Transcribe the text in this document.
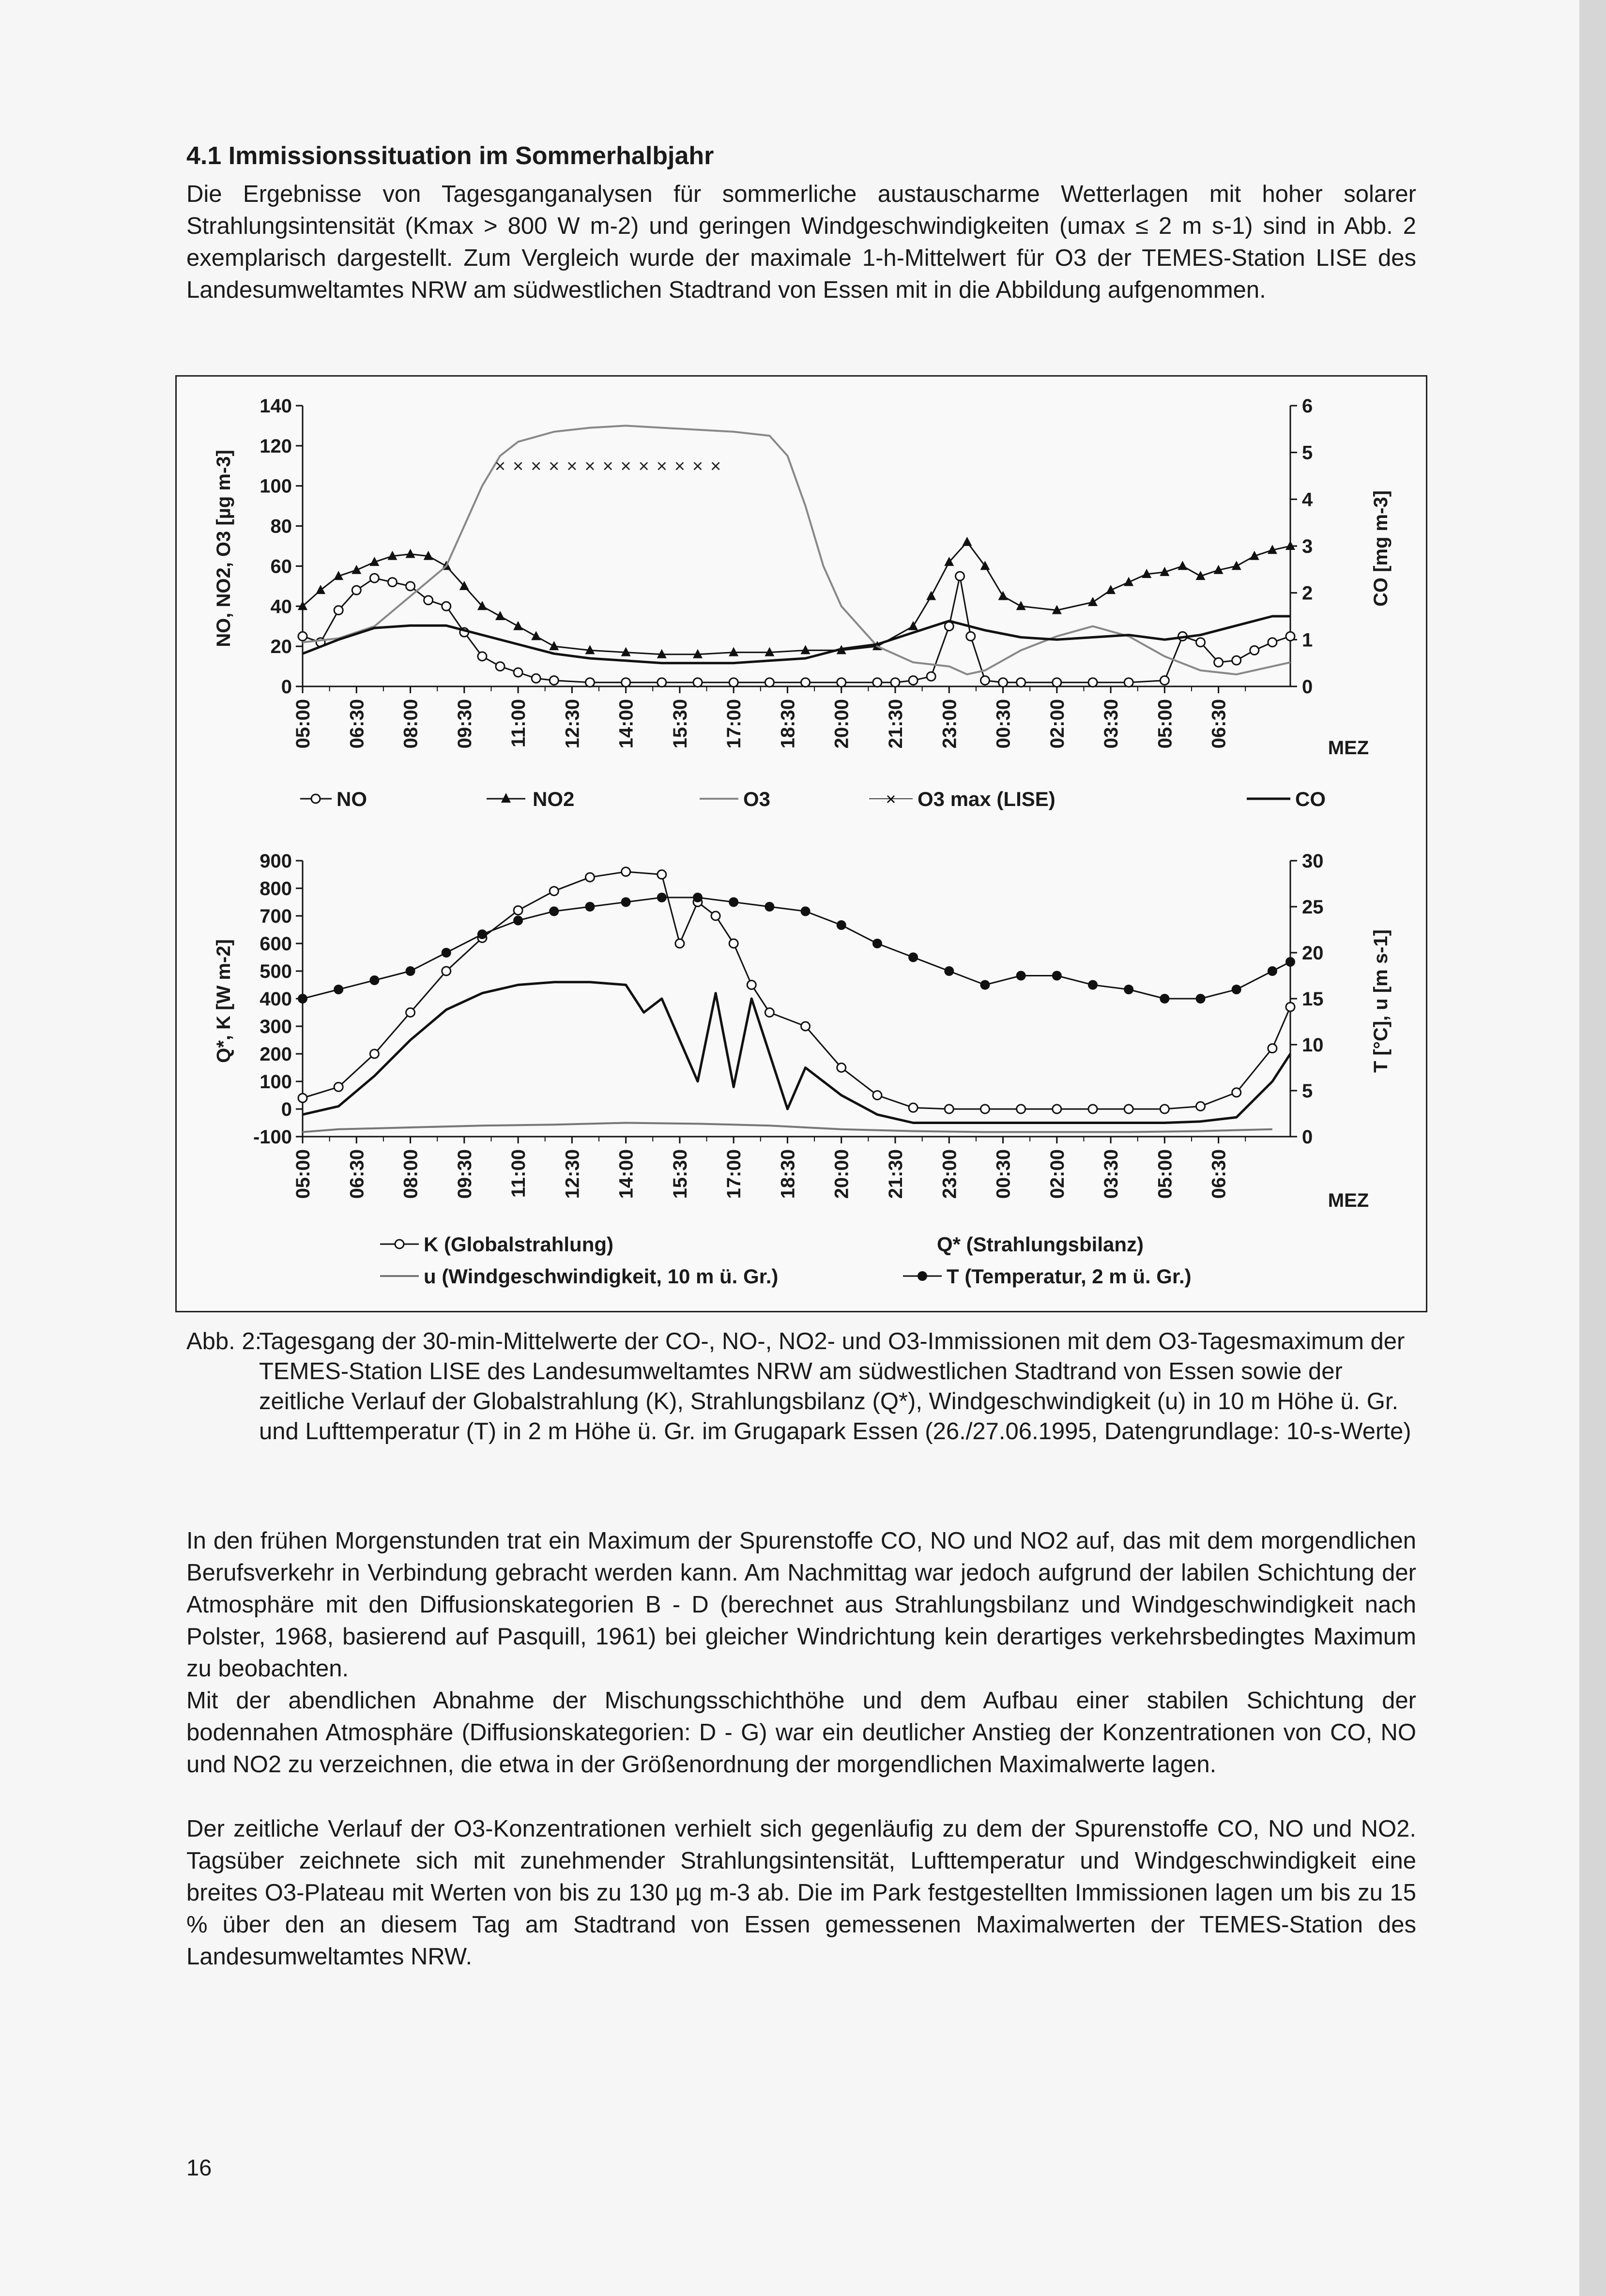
4.1 Immissionssituation im Sommerhalbjahr

Die Ergebnisse von Tagesganganalysen für sommerliche austauscharme Wetterlagen mit hoher solarer Strahlungsintensität (Kmax > 800 W m-2) und geringen Windgeschwindigkeiten (umax ≤ 2 m s-1) sind in Abb. 2 exemplarisch dargestellt. Zum Vergleich wurde der maximale 1-h-Mittelwert für O3 der TEMES-Station LISE des Landesumweltamtes NRW am südwestlichen Stadtrand von Essen mit in die Abbildung aufgenommen.

0
20
40
60
80
100
120
140
0
1
2
3
4
5
6
05:00 06:30 08:00 09:30 11:00 12:30 14:00 15:30 17:00 18:30 20:00 21:30 23:00 00:30 02:00 03:30 05:00 06:30
× × × × × × × × × × × × ×
NO, NO2, O3 [µg m-3]	CO [mg m-3]
MEZ
NO	NO2	O3	× O3 max (LISE)	CO
-100
0
100
200
300
400
500
600
700
800
900
0
5
10
15
20
25
30
05:00 06:30 08:00 09:30 11:00 12:30 14:00 15:30 17:00 18:30 20:00 21:30 23:00 00:30 02:00 03:30 05:00 06:30
Q*, K [W m-2]	T [°C], u [m s-1]
MEZ
K (Globalstrahlung)	Q* (Strahlungsbilanz)
u (Windgeschwindigkeit, 10 m ü. Gr.)	T (Temperatur, 2 m ü. Gr.)
Abb. 2:
Tagesgang der 30-min-Mittelwerte der CO-, NO-, NO2- und O3-Immissionen mit dem O3-Tagesmaximum der TEMES-Station LISE des Landesumweltamtes NRW am südwestlichen Stadtrand von Essen sowie der zeitliche Verlauf der Globalstrahlung (K), Strahlungsbilanz (Q*), Windgeschwindigkeit (u) in 10 m Höhe ü. Gr. und Lufttemperatur (T) in 2 m Höhe ü. Gr. im Grugapark Essen (26./27.06.1995, Datengrundlage: 10-s-Werte)

In den frühen Morgenstunden trat ein Maximum der Spurenstoffe CO, NO und NO2 auf, das mit dem morgendlichen Berufsverkehr in Verbindung gebracht werden kann. Am Nachmittag war jedoch aufgrund der labilen Schichtung der Atmosphäre mit den Diffusionskategorien B - D (berechnet aus Strahlungsbilanz und Windgeschwindigkeit nach Polster, 1968, basierend auf Pasquill, 1961) bei gleicher Windrichtung kein derartiges verkehrsbedingtes Maximum zu beobachten.

Mit der abendlichen Abnahme der Mischungsschichthöhe und dem Aufbau einer stabilen Schichtung der bodennahen Atmosphäre (Diffusionskategorien: D - G) war ein deutlicher Anstieg der Konzentrationen von CO, NO und NO2 zu verzeichnen, die etwa in der Größenordnung der morgendlichen Maximalwerte lagen.

Der zeitliche Verlauf der O3-Konzentrationen verhielt sich gegenläufig zu dem der Spurenstoffe CO, NO und NO2. Tagsüber zeichnete sich mit zunehmender Strahlungsintensität, Lufttemperatur und Windgeschwindigkeit eine breites O3-Plateau mit Werten von bis zu 130 µg m-3 ab. Die im Park festgestellten Immissionen lagen um bis zu 15 % über den an diesem Tag am Stadtrand von Essen gemessenen Maximalwerten der TEMES-Station des Landesumweltamtes NRW.

16
